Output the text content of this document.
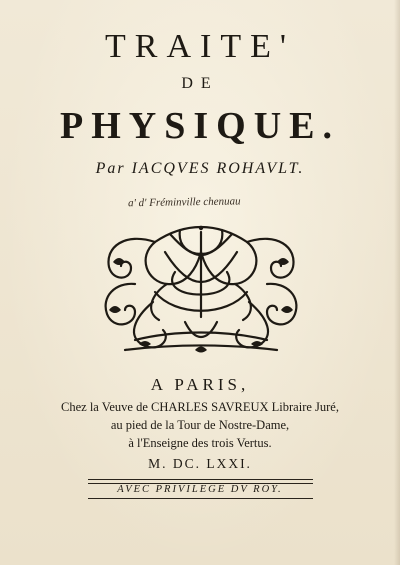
TRAITE'
DE
PHYSIQUE.
Par IACQVES ROHAVLT.
a' d' Fréminville chenuau
A PARIS,
Chez la Veuve de CHARLES SAVREUX Libraire Juré,
au pied de la Tour de Nostre-Dame,
à l'Enseigne des trois Vertus.
M. DC. LXXI.
AVEC PRIVILEGE DV ROY.
